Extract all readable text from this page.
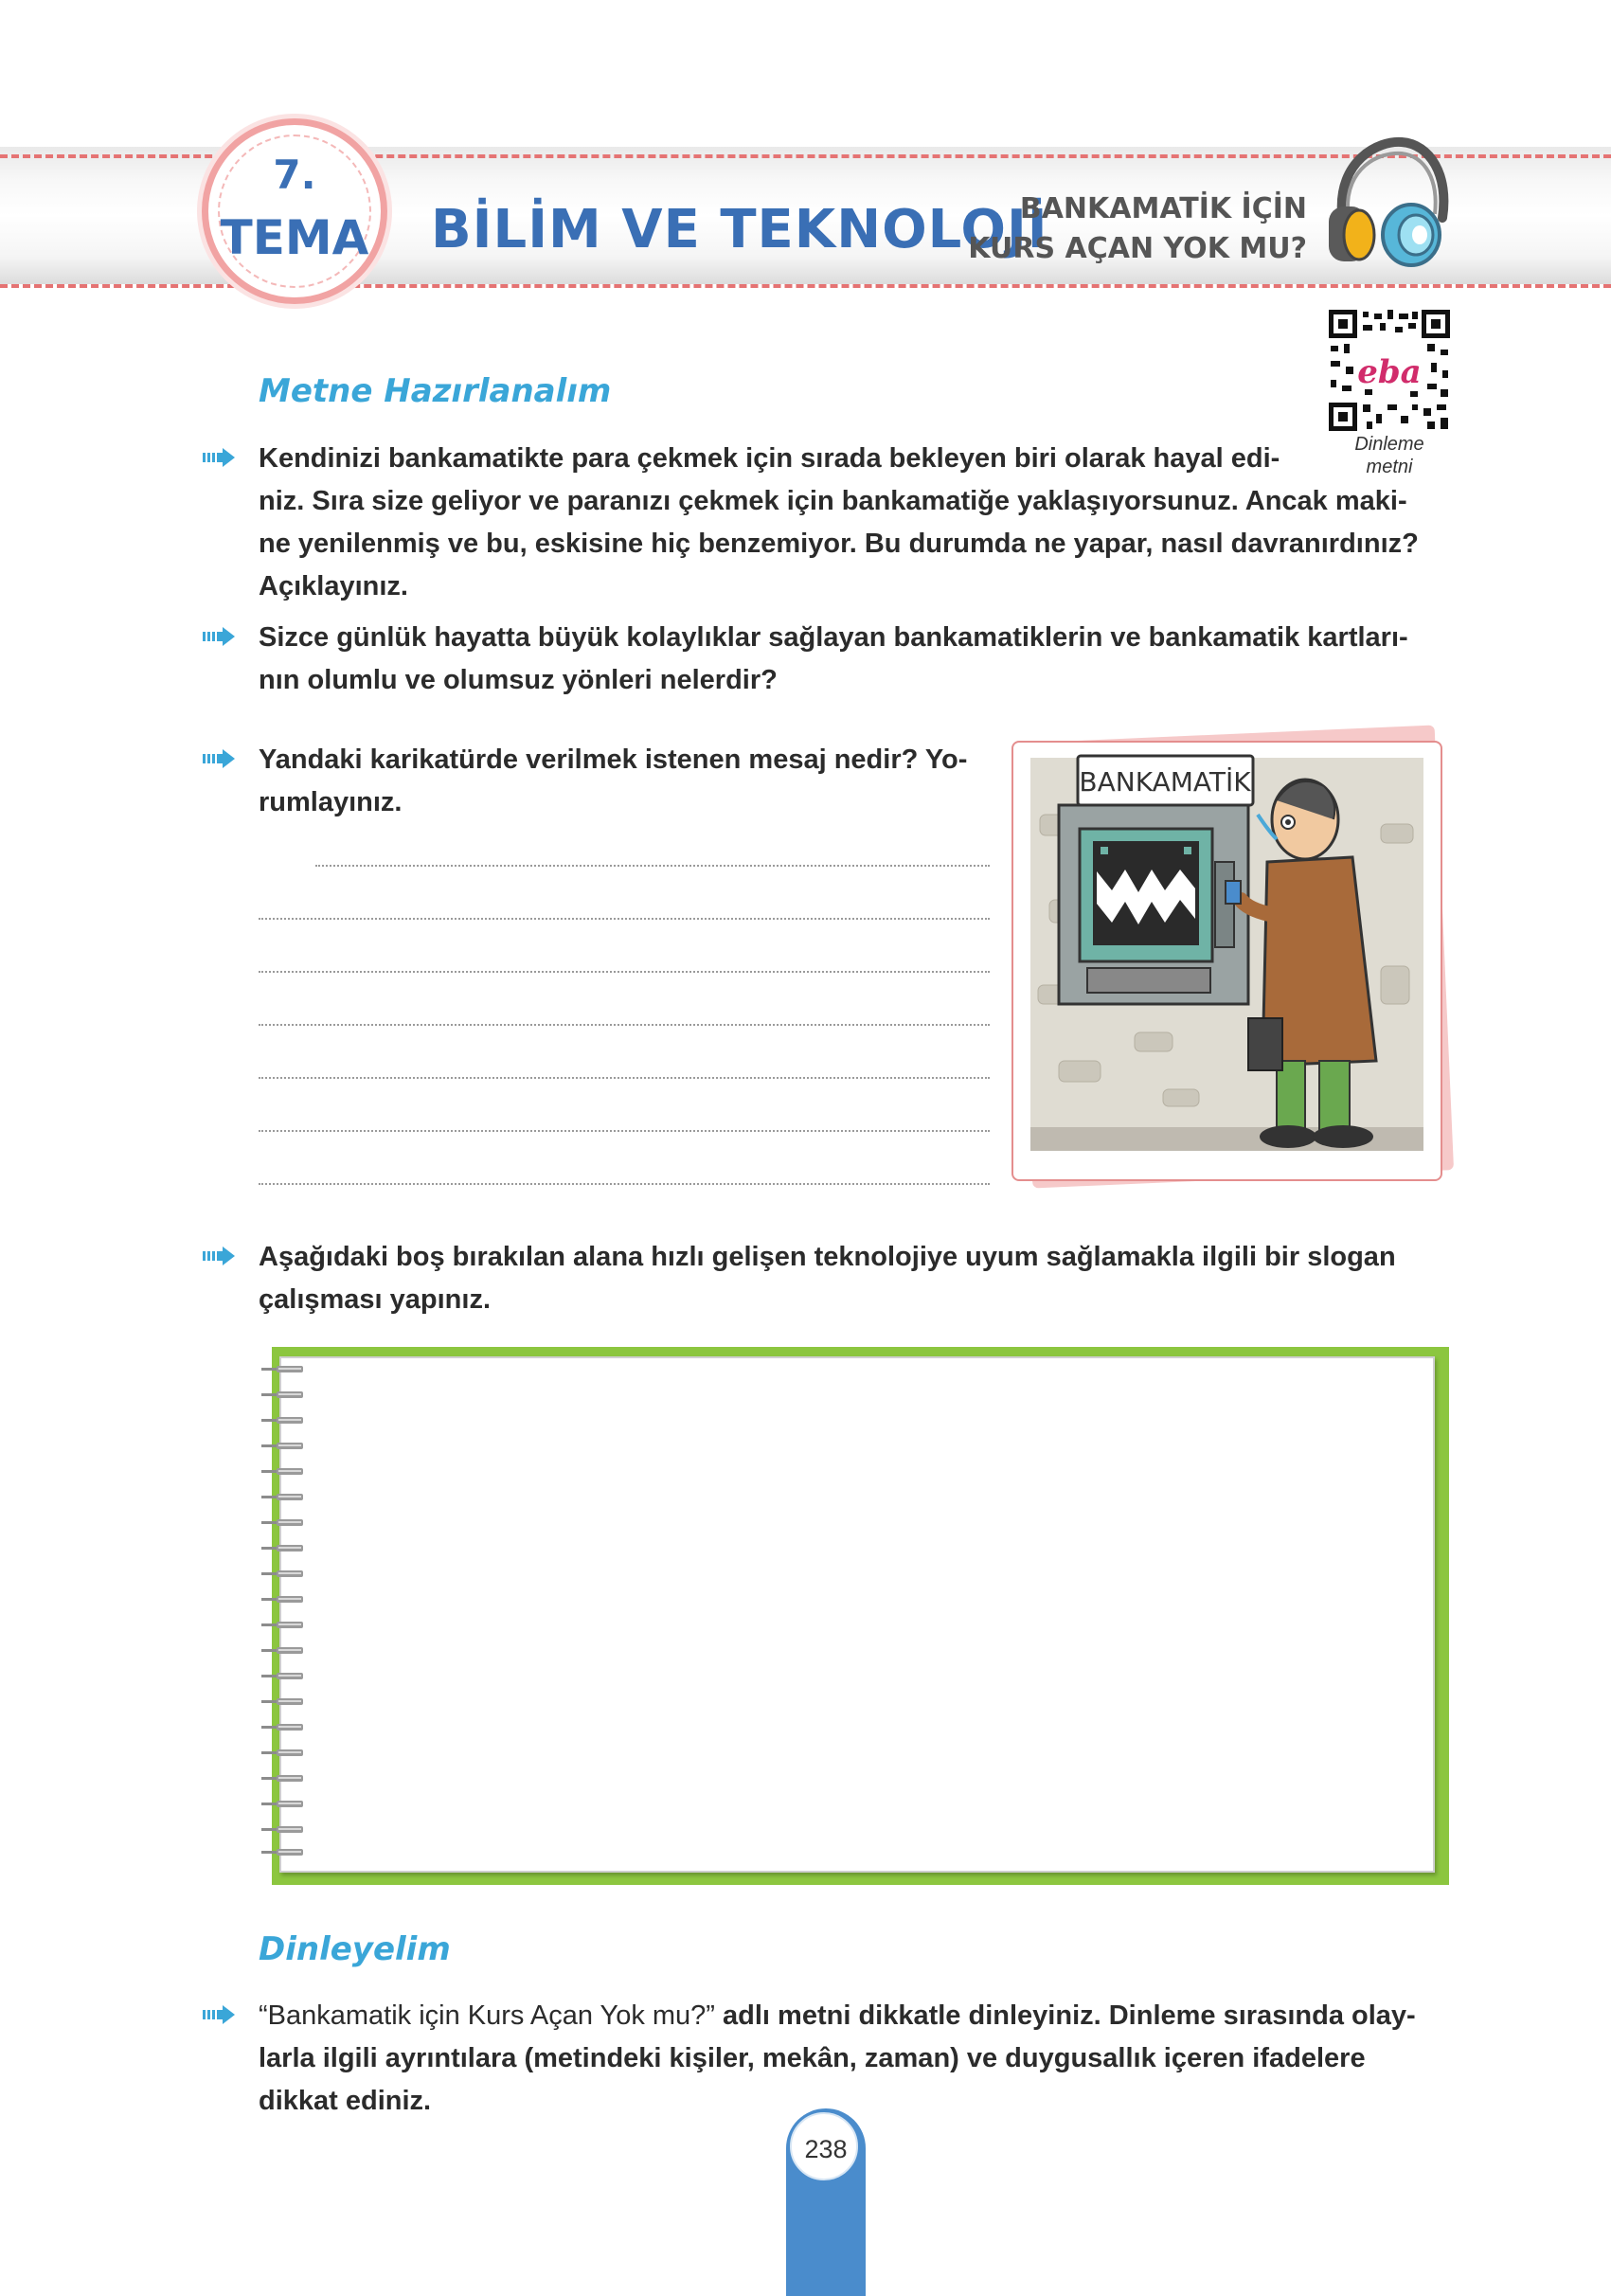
7.
TEMA	BİLİM VE TEKNOLOJİ
BANKAMATİK İÇİN
KURS AÇAN YOK MU?
eba
Dinleme
metni
Metne Hazırlanalım
Kendinizi bankamatikte para çekmek için sırada bekleyen biri olarak hayal edi-
niz. Sıra size geliyor ve paranızı çekmek için bankamatiğe yaklaşıyorsunuz. Ancak maki-
ne yenilenmiş ve bu, eskisine hiç benzemiyor. Bu durumda ne yapar, nasıl davranırdınız?
Açıklayınız.
Sizce günlük hayatta büyük kolaylıklar sağlayan bankamatiklerin ve bankamatik kartları-
nın olumlu ve olumsuz yönleri nelerdir?
Yandaki karikatürde verilmek istenen mesaj nedir? Yo-
rumlayınız.
BANKAMATİK
Aşağıdaki boş bırakılan alana hızlı gelişen teknolojiye uyum sağlamakla ilgili bir slogan
çalışması yapınız.
Dinleyelim
“Bankamatik için Kurs Açan Yok mu?” adlı metni dikkatle dinleyiniz. Dinleme sırasında olay-
larla ilgili ayrıntılara (metindeki kişiler, mekân, zaman) ve duygusallık içeren ifadelere
dikkat ediniz.
238
